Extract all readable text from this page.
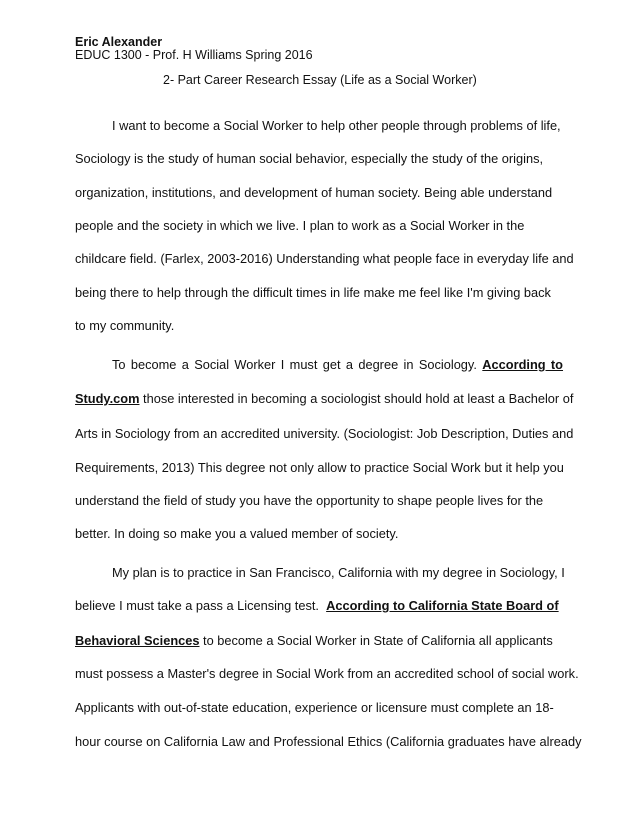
Eric Alexander
EDUC 1300 - Prof. H Williams Spring 2016
2- Part Career Research Essay (Life as a Social Worker)
I want to become a Social Worker to help other people through problems of life,
Sociology is the study of human social behavior, especially the study of the origins,
organization, institutions, and development of human society. Being able understand
people and the society in which we live. I plan to work as a Social Worker in the
childcare field. (Farlex, 2003-2016) Understanding what people face in everyday life and
being there to help through the difficult times in life make me feel like I'm giving back
to my community.
To become a Social Worker I must get a degree in Sociology. According to
Study.com those interested in becoming a sociologist should hold at least a Bachelor of
Arts in Sociology from an accredited university. (Sociologist: Job Description, Duties and
Requirements, 2013) This degree not only allow to practice Social Work but it help you
understand the field of study you have the opportunity to shape people lives for the
better. In doing so make you a valued member of society.
My plan is to practice in San Francisco, California with my degree in Sociology, I
believe I must take a pass a Licensing test. According to California State Board of
Behavioral Sciences to become a Social Worker in State of California all applicants
must possess a Master's degree in Social Work from an accredited school of social work.
Applicants with out-of-state education, experience or licensure must complete an 18-
hour course on California Law and Professional Ethics (California graduates have already
